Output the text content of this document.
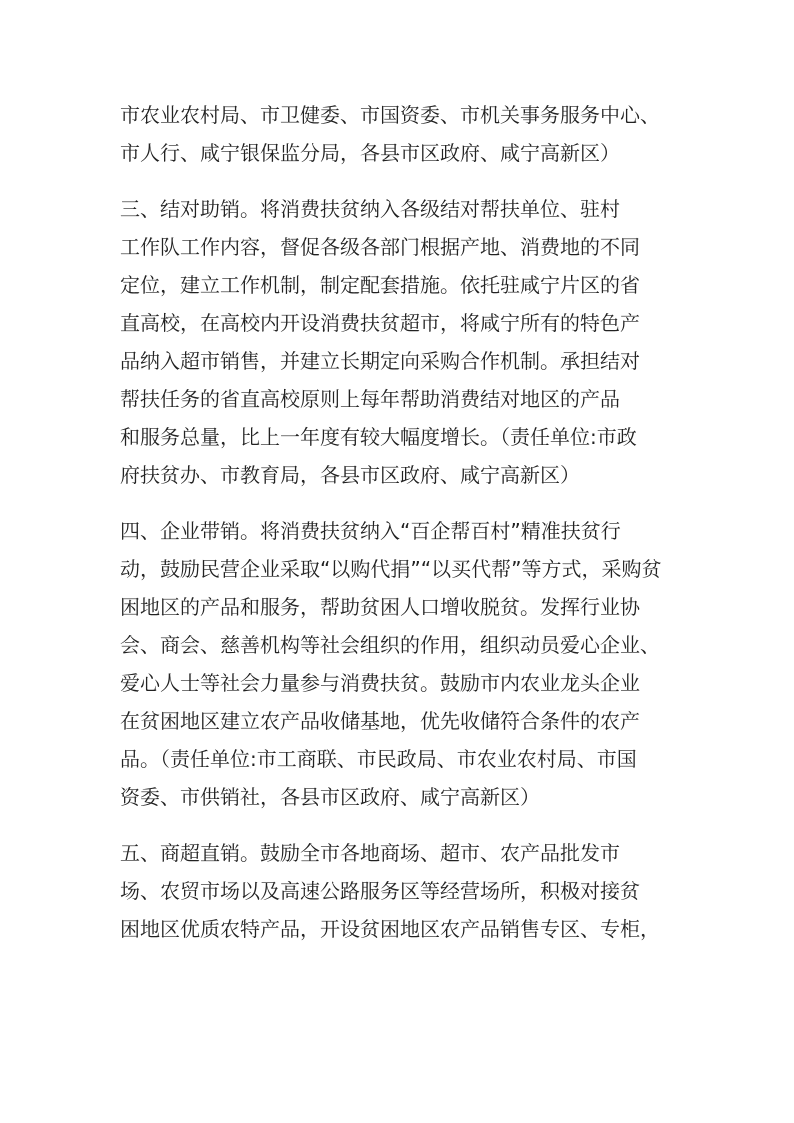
市农业农村局、市卫健委、市国资委、市机关事务服务中心、
市人行、咸宁银保监分局，各县市区政府、咸宁高新区）
三、结对助销。将消费扶贫纳入各级结对帮扶单位、驻村
工作队工作内容，督促各级各部门根据产地、消费地的不同
定位，建立工作机制，制定配套措施。依托驻咸宁片区的省
直高校，在高校内开设消费扶贫超市，将咸宁所有的特色产
品纳入超市销售，并建立长期定向采购合作机制。承担结对
帮扶任务的省直高校原则上每年帮助消费结对地区的产品
和服务总量，比上一年度有较大幅度增长。（责任单位:市政
府扶贫办、市教育局，各县市区政府、咸宁高新区）
四、企业带销。将消费扶贫纳入“百企帮百村”精准扶贫行
动，鼓励民营企业采取“以购代捐”“以买代帮”等方式，采购贫
困地区的产品和服务，帮助贫困人口增收脱贫。发挥行业协
会、商会、慈善机构等社会组织的作用，组织动员爱心企业、
爱心人士等社会力量参与消费扶贫。鼓励市内农业龙头企业
在贫困地区建立农产品收储基地，优先收储符合条件的农产
品。（责任单位:市工商联、市民政局、市农业农村局、市国
资委、市供销社，各县市区政府、咸宁高新区）
五、商超直销。鼓励全市各地商场、超市、农产品批发市
场、农贸市场以及高速公路服务区等经营场所，积极对接贫
困地区优质农特产品，开设贫困地区农产品销售专区、专柜，
